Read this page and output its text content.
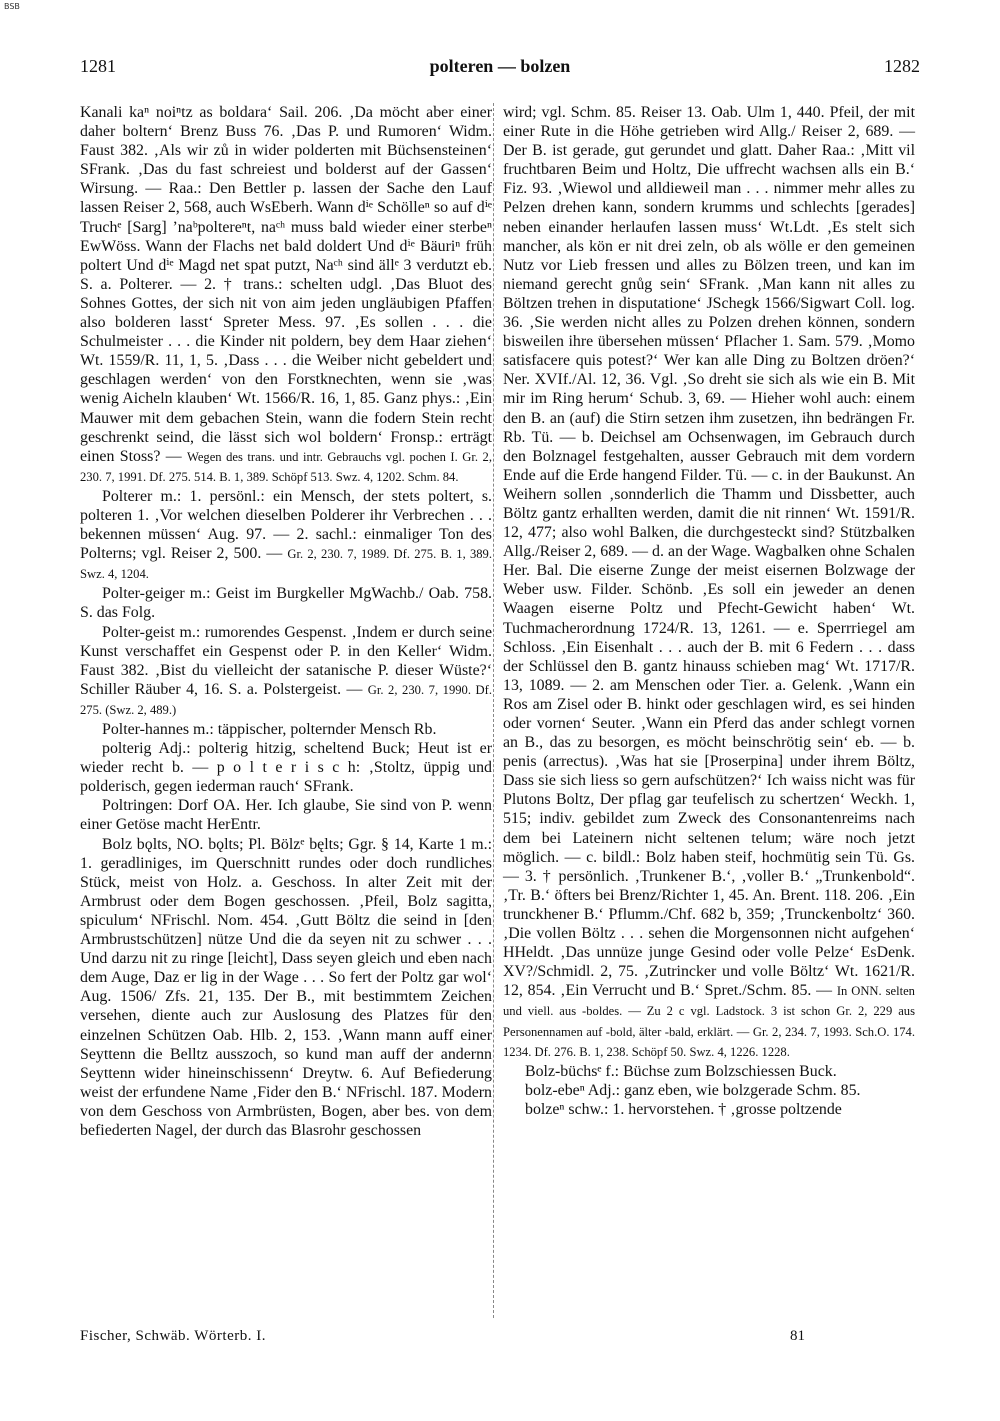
BSB
1281	polteren — bolzen	1282

Kanali kaⁿ noiⁿtz as boldara‘ Sail. 206. ‚Da möcht aber einer daher boltern‘ Brenz Buss 76. ‚Das P. und Rumoren‘ Widm. Faust 382. ‚Als wir zů in wider polderten mit Büchsensteinen‘ SFrank. ‚Das du fast schreiest und bolderst auf der Gassen‘ Wirsung. — Raa.: Den Bettler p. lassen der Sache den Lauf lassen Reiser 2, 568, auch WsEberh. Wann dⁱᵉ Schölleⁿ so auf dⁱᵉ Truchᵉ [Sarg] ’naᵇpoltereⁿt, naᶜʰ muss bald wieder einer sterbeⁿ EwWöss. Wann der Flachs net bald doldert Und dⁱᵉ Bäuriⁿ früh poltert Und dⁱᵉ Magd net spat putzt, Naᶜʰ sind ällᵉ 3 verdutzt eb. S. a. Polterer. — 2. † trans.: schelten udgl. ‚Das Bluot des Sohnes Gottes, der sich nit von aim jeden ungläubigen Pfaffen also bolderen lasst‘ Spreter Mess. 97. ‚Es sollen . . . die Schulmeister . . . die Kinder nit poldern, bey dem Haar ziehen‘ Wt. 1559/R. 11, 1, 5. ‚Dass . . . die Weiber nicht gebeldert und geschlagen werden‘ von den Forstknechten, wenn sie ‚was wenig Aicheln klauben‘ Wt. 1566/R. 16, 1, 85. Ganz phys.: ‚Ein Mauwer mit dem gebachen Stein, wann die fodern Stein recht geschrenkt seind, die lässt sich wol boldern‘ Fronsp.: erträgt einen Stoss? — Wegen des trans. und intr. Gebrauchs vgl. pochen I. Gr. 2, 230. 7, 1991. Df. 275. 514. B. 1, 389. Schöpf 513. Swz. 4, 1202. Schm. 84.

Polterer m.: 1. persönl.: ein Mensch, der stets poltert, s. polteren 1. ‚Vor welchen dieselben Polderer ihr Verbrechen . . . bekennen müssen‘ Aug. 97. — 2. sachl.: einmaliger Ton des Polterns; vgl. Reiser 2, 500. — Gr. 2, 230. 7, 1989. Df. 275. B. 1, 389. Swz. 4, 1204.

Polter-geiger m.: Geist im Burgkeller MgWachb./ Oab. 758. S. das Folg.

Polter-geist m.: rumorendes Gespenst. ‚Indem er durch seine Kunst verschaffet ein Gespenst oder P. in den Keller‘ Widm. Faust 382. ‚Bist du vielleicht der satanische P. dieser Wüste?‘ Schiller Räuber 4, 16. S. a. Polstergeist. — Gr. 2, 230. 7, 1990. Df. 275. (Swz. 2, 489.)

Polter-hannes m.: täppischer, polternder Mensch Rb.

polterig Adj.: polterig hitzig, scheltend Buck; Heut ist er wieder recht b. — p o l t e r i s c h: ‚Stoltz, üppig und polderisch, gegen iederman rauch‘ SFrank.

Poltringen: Dorf OA. Her. Ich glaube, Sie sind von P. wenn einer Getöse macht HerEntr.

Bolz bǫlts, NO. bǫlts; Pl. Bölzᵉ bęlts; Ggr. § 14, Karte 1 m.: 1. geradliniges, im Querschnitt rundes oder doch rundliches Stück, meist von Holz. a. Geschoss. In alter Zeit mit der Armbrust oder dem Bogen geschossen. ‚Pfeil, Bolz sagitta, spiculum‘ NFrischl. Nom. 454. ‚Gutt Böltz die seind in [den Armbrustschützen] nütze Und die da seyen nit zu schwer . . . Und darzu nit zu ringe [leicht], Dass seyen gleich und eben nach dem Auge, Daz er lig in der Wage . . . So fert der Poltz gar wol‘ Aug. 1506/ Zfs. 21, 135. Der B., mit bestimmtem Zeichen versehen, diente auch zur Auslosung des Platzes für den einzelnen Schützen Oab. Hlb. 2, 153. ‚Wann mann auff einer Seyttenn die Belltz ausszoch, so kund man auff der andernn Seyttenn wider hineinschissenn‘ Dreytw. 6. Auf Befiederung weist der erfundene Name ‚Fider den B.‘ NFrischl. 187. Modern von dem Geschoss von Armbrüsten, Bogen, aber bes. von dem befiederten Nagel, der durch das Blasrohr geschossen

wird; vgl. Schm. 85. Reiser 13. Oab. Ulm 1, 440. Pfeil, der mit einer Rute in die Höhe getrieben wird Allg./ Reiser 2, 689. — Der B. ist gerade, gut gerundet und glatt. Daher Raa.: ‚Mitt vil fruchtbaren Beim und Holtz, Die uffrecht wachsen alls ein B.‘ Fiz. 93. ‚Wiewol und alldieweil man . . . nimmer mehr alles zu Pelzen drehen kann, sondern krumms und schlechts [gerades] neben einander herlaufen lassen muss‘ Wt.Ldt. ‚Es stelt sich mancher, als kön er nit drei zeln, ob als wölle er den gemeinen Nutz vor Lieb fressen und alles zu Bölzen treen, und kan im niemand gerecht gnůg sein‘ SFrank. ‚Man kann nit alles zu Böltzen trehen in disputatione‘ JSchegk 1566/Sigwart Coll. log. 36. ‚Sie werden nicht alles zu Polzen drehen können, sondern bisweilen ihre übersehen müssen‘ Pflacher 1. Sam. 579. ‚Momo satisfacere quis potest?‘ Wer kan alle Ding zu Boltzen dröen?‘ Ner. XVIf./Al. 12, 36. Vgl. ‚So dreht sie sich als wie ein B. Mit mir im Ring herum‘ Schub. 3, 69. — Hieher wohl auch: einem den B. an (auf) die Stirn setzen ihm zusetzen, ihn bedrängen Fr. Rb. Tü. — b. Deichsel am Ochsenwagen, im Gebrauch durch den Bolznagel festgehalten, ausser Gebrauch mit dem vordern Ende auf die Erde hangend Filder. Tü. — c. in der Baukunst. An Weihern sollen ‚sonnderlich die Thamm und Dissbetter, auch Böltz gantz erhallten werden, damit die nit rinnen‘ Wt. 1591/R. 12, 477; also wohl Balken, die durchgesteckt sind? Stützbalken Allg./Reiser 2, 689. — d. an der Wage. Wagbalken ohne Schalen Her. Bal. Die eiserne Zunge der meist eisernen Bolzwage der Weber usw. Filder. Schönb. ‚Es soll ein jeweder an denen Waagen eiserne Poltz und Pfecht-Gewicht haben‘ Wt. Tuchmacherordnung 1724/R. 13, 1261. — e. Sperrriegel am Schloss. ‚Ein Eisenhalt . . . auch der B. mit 6 Federn . . . dass der Schlüssel den B. gantz hinauss schieben mag‘ Wt. 1717/R. 13, 1089. — 2. am Menschen oder Tier. a. Gelenk. ‚Wann ein Ros am Zisel oder B. hinkt oder geschlagen wird, es sei hinden oder vornen‘ Seuter. ‚Wann ein Pferd das ander schlegt vornen an B., das zu besorgen, es möcht beinschrötig sein‘ eb. — b. penis (arrectus). ‚Was hat sie [Proserpina] under ihrem Böltz, Dass sie sich liess so gern aufschützen?‘ Ich waiss nicht was für Plutons Boltz, Der pflag gar teufelisch zu schertzen‘ Weckh. 1, 515; indiv. gebildet zum Zweck des Consonantenreims nach dem bei Lateinern nicht seltenen telum; wäre noch jetzt möglich. — c. bildl.: Bolz haben steif, hochmütig sein Tü. Gs. — 3. † persönlich. ‚Trunkener B.‘, ‚voller B.‘ „Trunkenbold“. ‚Tr. B.‘ öfters bei Brenz/Richter 1, 45. An. Brent. 118. 206. ‚Ein trunckhener B.‘ Pflumm./Chf. 682 b, 359; ‚Trunckenboltz‘ 360. ‚Die vollen Böltz . . . sehen die Morgensonnen nicht aufgehen‘ HHeldt. ‚Das unnüze junge Gesind oder volle Pelze‘ EsDenk. XV?/Schmidl. 2, 75. ‚Zutrincker und volle Böltz‘ Wt. 1621/R. 12, 854. ‚Ein Verrucht und B.‘ Spret./Schm. 85. — In ONN. selten und viell. aus -boldes. — Zu 2 c vgl. Ladstock. 3 ist schon Gr. 2, 229 aus Personennamen auf -bold, älter -bald, erklärt. — Gr. 2, 234. 7, 1993. Sch.O. 174. 1234. Df. 276. B. 1, 238. Schöpf 50. Swz. 4, 1226. 1228.

Bolz-büchsᵉ f.: Büchse zum Bolzschiessen Buck.

bolz-ebeⁿ Adj.: ganz eben, wie bolzgerade Schm. 85.

bolzeⁿ schw.: 1. hervorstehen. † ‚grosse poltzende

Fischer, Schwäb. Wörterb. I.	81
